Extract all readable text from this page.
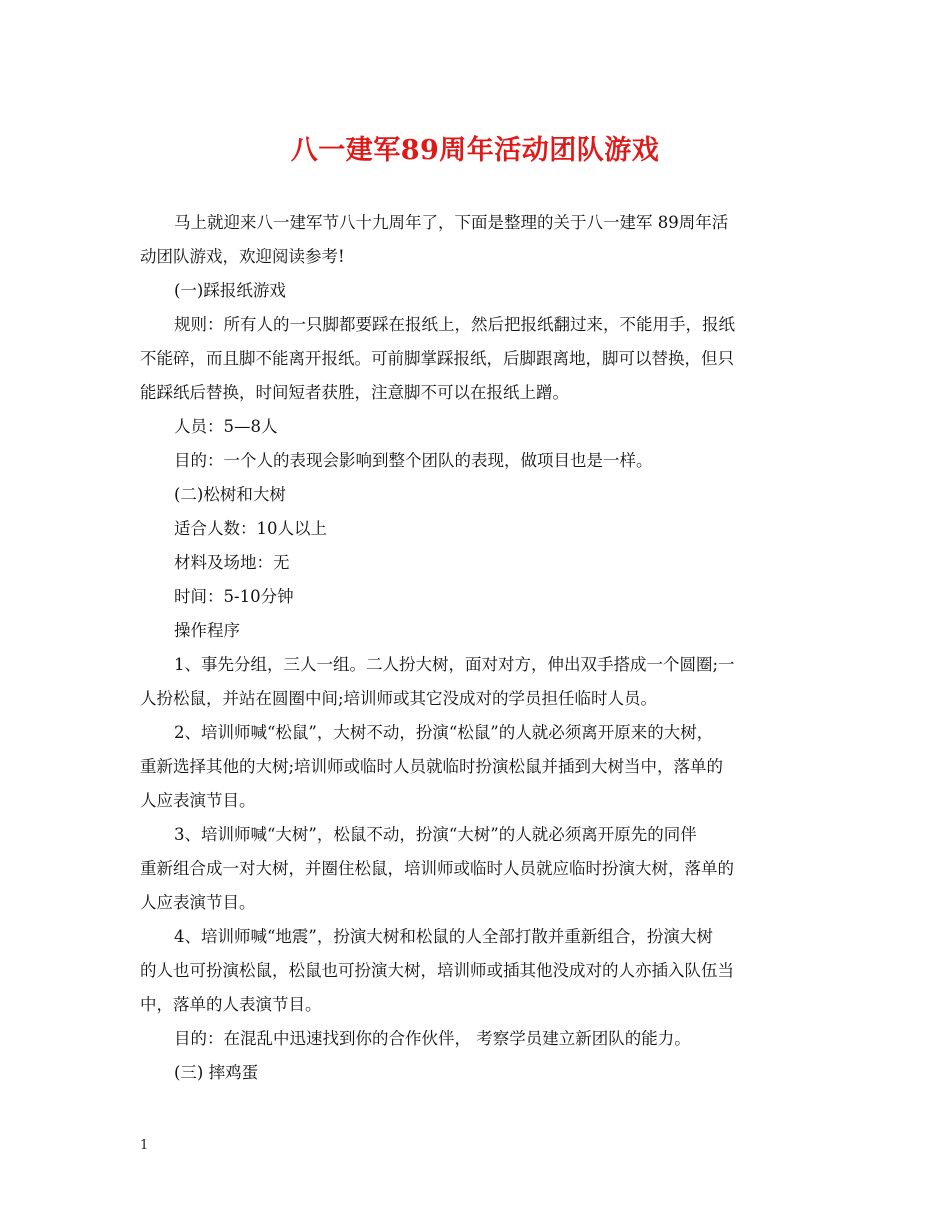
八一建军89周年活动团队游戏
马上就迎来八一建军节八十九周年了，下面是整理的关于八一建军 89周年活
动团队游戏，欢迎阅读参考!
(一)踩报纸游戏
规则：所有人的一只脚都要踩在报纸上，然后把报纸翻过来，不能用手，报纸
不能碎，而且脚不能离开报纸。可前脚掌踩报纸，后脚跟离地，脚可以替换，但只
能踩纸后替换，时间短者获胜，注意脚不可以在报纸上蹭。
人员：5—8人
目的：一个人的表现会影响到整个团队的表现，做项目也是一样。
(二)松树和大树
适合人数：10人以上
材料及场地：无
时间：5-10分钟
操作程序
1、事先分组，三人一组。二人扮大树，面对对方，伸出双手搭成一个圆圈;一
人扮松鼠，并站在圆圈中间;培训师或其它没成对的学员担任临时人员。
2、培训师喊“松鼠”，大树不动，扮演“松鼠”的人就必须离开原来的大树，
重新选择其他的大树;培训师或临时人员就临时扮演松鼠并插到大树当中，落单的
人应表演节目。
3、培训师喊“大树”，松鼠不动，扮演“大树”的人就必须离开原先的同伴
重新组合成一对大树，并圈住松鼠，培训师或临时人员就应临时扮演大树，落单的
人应表演节目。
4、培训师喊“地震”，扮演大树和松鼠的人全部打散并重新组合，扮演大树
的人也可扮演松鼠，松鼠也可扮演大树，培训师或插其他没成对的人亦插入队伍当
中，落单的人表演节目。
目的：在混乱中迅速找到你的合作伙伴， 考察学员建立新团队的能力。
(三) 摔鸡蛋
1
